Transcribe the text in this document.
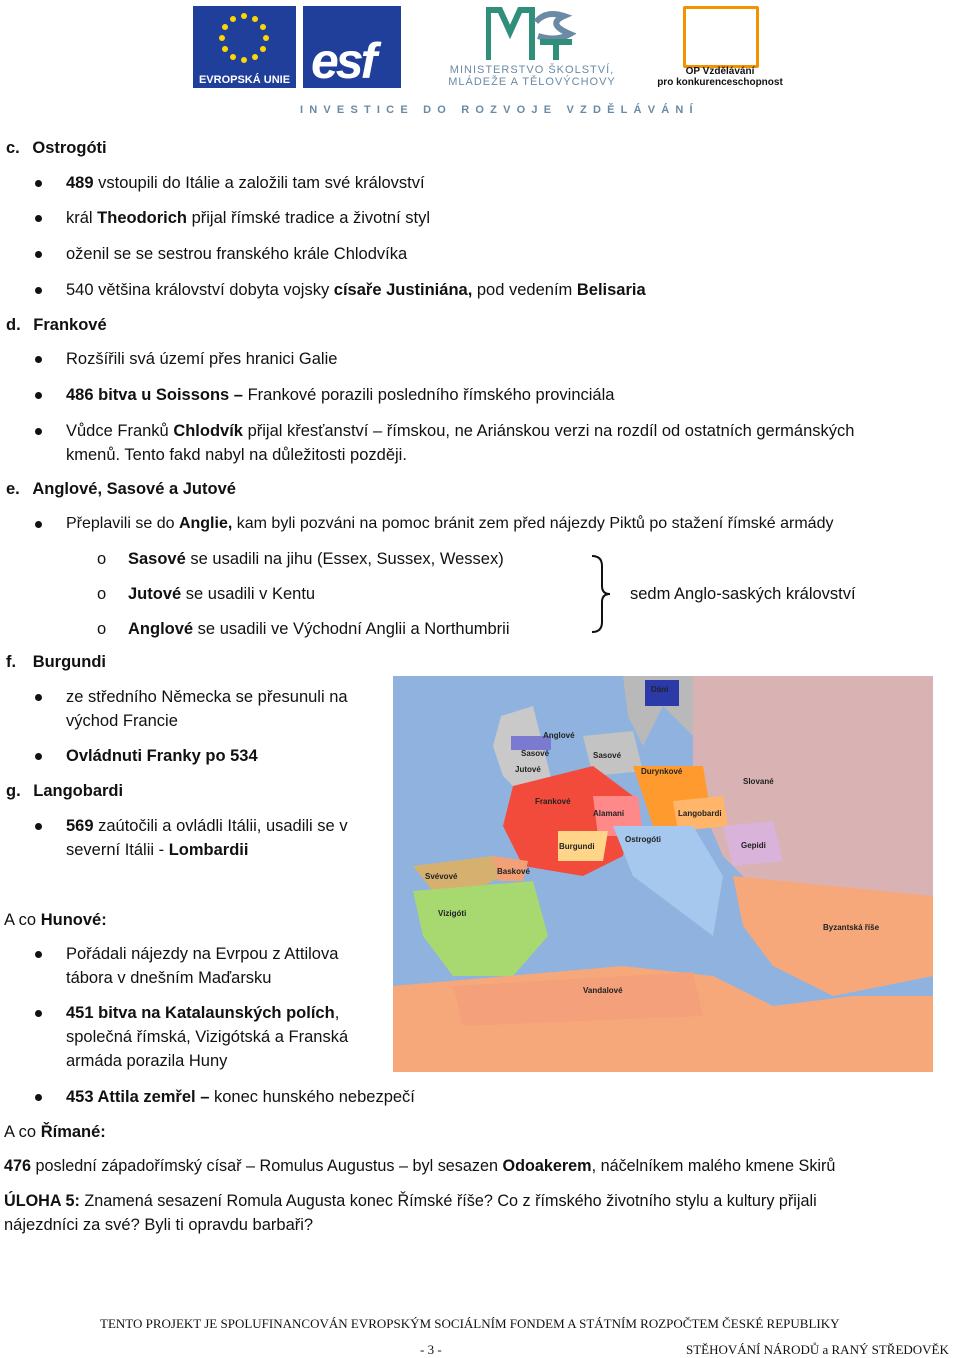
EVROPSKÁ UNIE esf	MINISTERSTVO ŠKOLSTVÍ,
MLÁDEŽE A TĚLOVÝCHOVY
OP Vzdělávání
pro konkurenceschopnost
INVESTICE DO ROZVOJE VZDĚLÁVÁNÍ
c. Ostrogóti
489 vstoupili do Itálie a založili tam své království
král Theodorich přijal římské tradice a životní styl
oženil se se sestrou franského krále Chlodvíka
540 většina království dobyta vojsky císaře Justiniána, pod vedením Belisaria
d. Frankové
Rozšířili svá území přes hranici Galie
486 bitva u Soissons – Frankové porazili posledního římského provinciála
Vůdce Franků Chlodvík přijal křesťanství – římskou, ne Ariánskou verzi na rozdíl od ostatních germánských
kmenů. Tento fakd nabyl na důležitosti později.
e. Anglové, Sasové a Jutové
Přeplavili se do Anglie, kam byli pozváni na pomoc bránit zem před nájezdy Piktů po stažení římské armády
o Sasové se usadili na jihu (Essex, Sussex, Wessex)
o Jutové se usadili v Kentu
o Anglové se usadili ve Východní Anglii a Northumbrii
sedm Anglo-saských království
f. Burgundi
ze středního Německa se přesunuli na
východ Francie
Ovládnuti Franky po 534
g. Langobardi
569 zaútočili a ovládli Itálii, usadili se v
severní Itálii - Lombardii
Dáni
Anglové
Sasové	Sasové
Jutové	Durynkové
Slované
Frankové
Alamani	Langobardi
Burgundi
Ostrogóti
Gepidi
Svévové
Baskové
Vizigóti
Byzantská říše
Vandalové
A co Hunové:
Pořádali nájezdy na Evrpou z Attilova
tábora v dnešním Maďarsku
451 bitva na Katalaunských polích,
společná římská, Vizigótská a Franská
armáda porazila Huny
453 Attila zemřel – konec hunského nebezpečí
A co Římané:
476 poslední západořímský císař – Romulus Augustus – byl sesazen Odoakerem, náčelníkem malého kmene Skirů
ÚLOHA 5: Znamená sesazení Romula Augusta konec Římské říše? Co z římského životního stylu a kultury přijali
nájezdníci za své? Byli ti opravdu barbaři?
TENTO PROJEKT JE SPOLUFINANCOVÁN EVROPSKÝM SOCIÁLNÍM FONDEM A STÁTNÍM ROZPOČTEM ČESKÉ REPUBLIKY
- 3 -	STĚHOVÁNÍ NÁRODŮ a RANÝ STŘEDOVĚK
